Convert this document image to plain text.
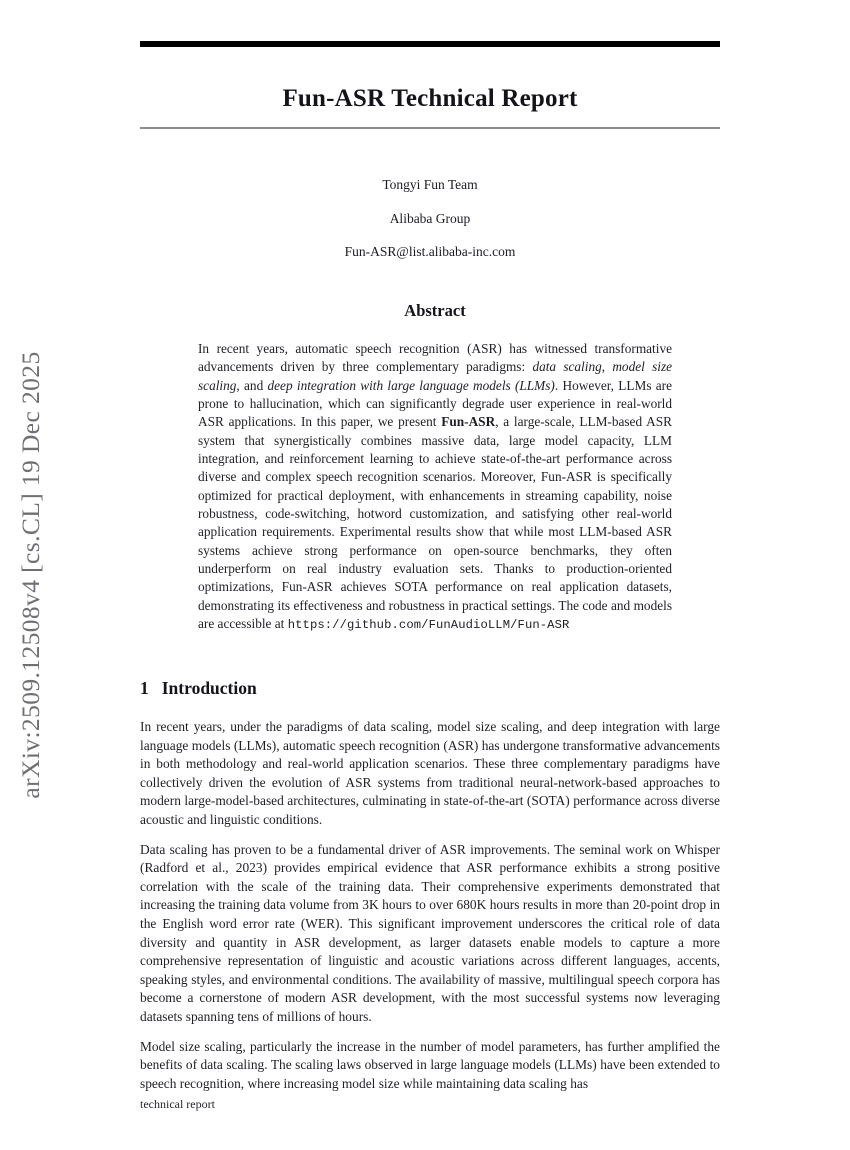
arXiv:2509.12508v4 [cs.CL] 19 Dec 2025
Fun-ASR Technical Report
Tongyi Fun Team
Alibaba Group
Fun-ASR@list.alibaba-inc.com
Abstract
In recent years, automatic speech recognition (ASR) has witnessed transformative advancements driven by three complementary paradigms: data scaling, model size scaling, and deep integration with large language models (LLMs). However, LLMs are prone to hallucination, which can significantly degrade user experience in real-world ASR applications. In this paper, we present Fun-ASR, a large-scale, LLM-based ASR system that synergistically combines massive data, large model capacity, LLM integration, and reinforcement learning to achieve state-of-the-art performance across diverse and complex speech recognition scenarios. Moreover, Fun-ASR is specifically optimized for practical deployment, with enhancements in streaming capability, noise robustness, code-switching, hotword customization, and satisfying other real-world application requirements. Experimental results show that while most LLM-based ASR systems achieve strong performance on open-source benchmarks, they often underperform on real industry evaluation sets. Thanks to production-oriented optimizations, Fun-ASR achieves SOTA performance on real application datasets, demonstrating its effectiveness and robustness in practical settings. The code and models are accessible at https://github.com/FunAudioLLM/Fun-ASR
1 Introduction

In recent years, under the paradigms of data scaling, model size scaling, and deep integration with large language models (LLMs), automatic speech recognition (ASR) has undergone transformative advancements in both methodology and real-world application scenarios. These three complementary paradigms have collectively driven the evolution of ASR systems from traditional neural-network-based approaches to modern large-model-based architectures, culminating in state-of-the-art (SOTA) performance across diverse acoustic and linguistic conditions.

Data scaling has proven to be a fundamental driver of ASR improvements. The seminal work on Whisper (Radford et al., 2023) provides empirical evidence that ASR performance exhibits a strong positive correlation with the scale of the training data. Their comprehensive experiments demonstrated that increasing the training data volume from 3K hours to over 680K hours results in more than 20-point drop in the English word error rate (WER). This significant improvement underscores the critical role of data diversity and quantity in ASR development, as larger datasets enable models to capture a more comprehensive representation of linguistic and acoustic variations across different languages, accents, speaking styles, and environmental conditions. The availability of massive, multilingual speech corpora has become a cornerstone of modern ASR development, with the most successful systems now leveraging datasets spanning tens of millions of hours.

Model size scaling, particularly the increase in the number of model parameters, has further amplified the benefits of data scaling. The scaling laws observed in large language models (LLMs) have been extended to speech recognition, where increasing model size while maintaining data scaling has

technical report
